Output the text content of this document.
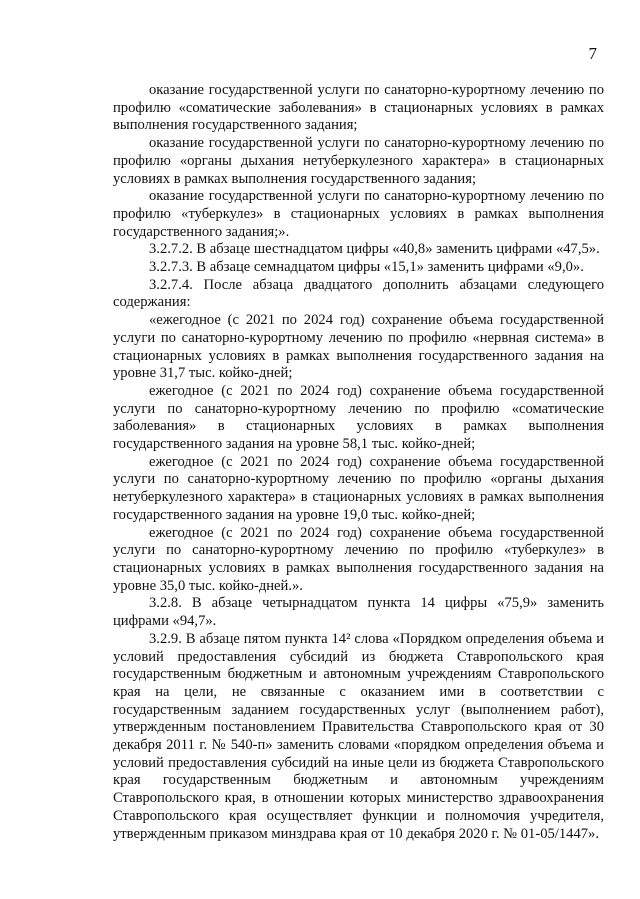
7

оказание государственной услуги по санаторно-курортному лечению по профилю «соматические заболевания» в стационарных условиях в рамках выполнения государственного задания;

оказание государственной услуги по санаторно-курортному лечению по профилю «органы дыхания нетуберкулезного характера» в стационарных условиях в рамках выполнения государственного задания;

оказание государственной услуги по санаторно-курортному лечению по профилю «туберкулез» в стационарных условиях в рамках выполнения государственного задания;».

3.2.7.2. В абзаце шестнадцатом цифры «40,8» заменить цифрами «47,5».

3.2.7.3. В абзаце семнадцатом цифры «15,1» заменить цифрами «9,0».

3.2.7.4. После абзаца двадцатого дополнить абзацами следующего содержания:

«ежегодное (с 2021 по 2024 год) сохранение объема государственной услуги по санаторно-курортному лечению по профилю «нервная система» в стационарных условиях в рамках выполнения государственного задания на уровне 31,7 тыс. койко-дней;

ежегодное (с 2021 по 2024 год) сохранение объема государственной услуги по санаторно-курортному лечению по профилю «соматические заболевания» в стационарных условиях в рамках выполнения государственного задания на уровне 58,1 тыс. койко-дней;

ежегодное (с 2021 по 2024 год) сохранение объема государственной услуги по санаторно-курортному лечению по профилю «органы дыхания нетуберкулезного характера» в стационарных условиях в рамках выполнения государственного задания на уровне 19,0 тыс. койко-дней;

ежегодное (с 2021 по 2024 год) сохранение объема государственной услуги по санаторно-курортному лечению по профилю «туберкулез» в стационарных условиях в рамках выполнения государственного задания на уровне 35,0 тыс. койко-дней.».

3.2.8. В абзаце четырнадцатом пункта 14 цифры «75,9» заменить цифрами «94,7».

3.2.9. В абзаце пятом пункта 14² слова «Порядком определения объема и условий предоставления субсидий из бюджета Ставропольского края государственным бюджетным и автономным учреждениям Ставропольского края на цели, не связанные с оказанием ими в соответствии с государственным заданием государственных услуг (выполнением работ), утвержденным постановлением Правительства Ставропольского края от 30 декабря 2011 г. № 540-п» заменить словами «порядком определения объема и условий предоставления субсидий на иные цели из бюджета Ставропольского края государственным бюджетным и автономным учреждениям Ставропольского края, в отношении которых министерство здравоохранения Ставропольского края осуществляет функции и полномочия учредителя, утвержденным приказом минздрава края от 10 декабря 2020 г. № 01-05/1447».
